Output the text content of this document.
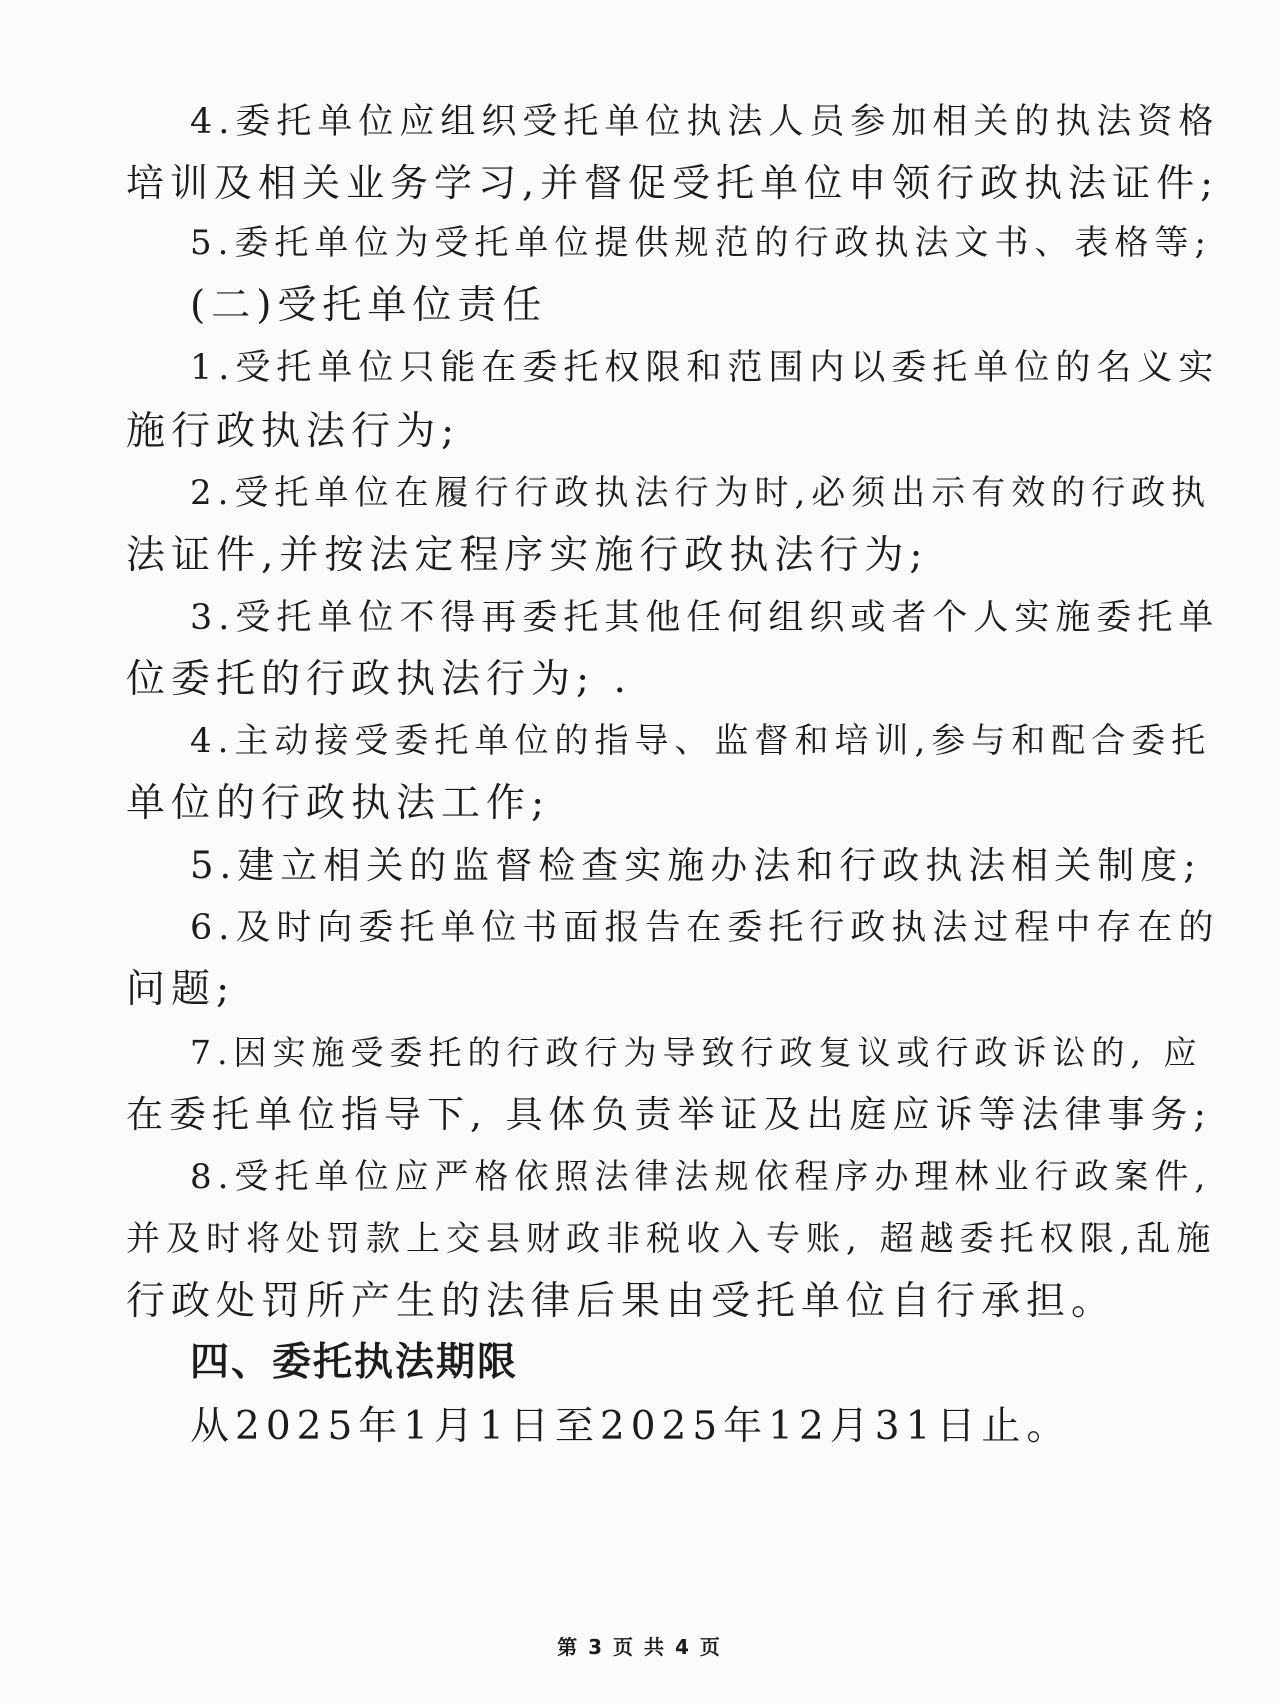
4.委托单位应组织受托单位执法人员参加相关的执法资格
培训及相关业务学习,并督促受托单位申领行政执法证件;
5.委托单位为受托单位提供规范的行政执法文书、表格等;
(二)受托单位责任
1.受托单位只能在委托权限和范围内以委托单位的名义实
施行政执法行为;
2.受托单位在履行行政执法行为时,必须出示有效的行政执
法证件,并按法定程序实施行政执法行为;
3.受托单位不得再委托其他任何组织或者个人实施委托单
位委托的行政执法行为; .
4.主动接受委托单位的指导、监督和培训,参与和配合委托
单位的行政执法工作;
5.建立相关的监督检查实施办法和行政执法相关制度;
6.及时向委托单位书面报告在委托行政执法过程中存在的
问题;
7.因实施受委托的行政行为导致行政复议或行政诉讼的, 应
在委托单位指导下, 具体负责举证及出庭应诉等法律事务;
8.受托单位应严格依照法律法规依程序办理林业行政案件,
并及时将处罚款上交县财政非税收入专账, 超越委托权限,乱施
行政处罚所产生的法律后果由受托单位自行承担。
四、委托执法期限
从2025年1月1日至2025年12月31日止。
第 3 页 共 4 页
